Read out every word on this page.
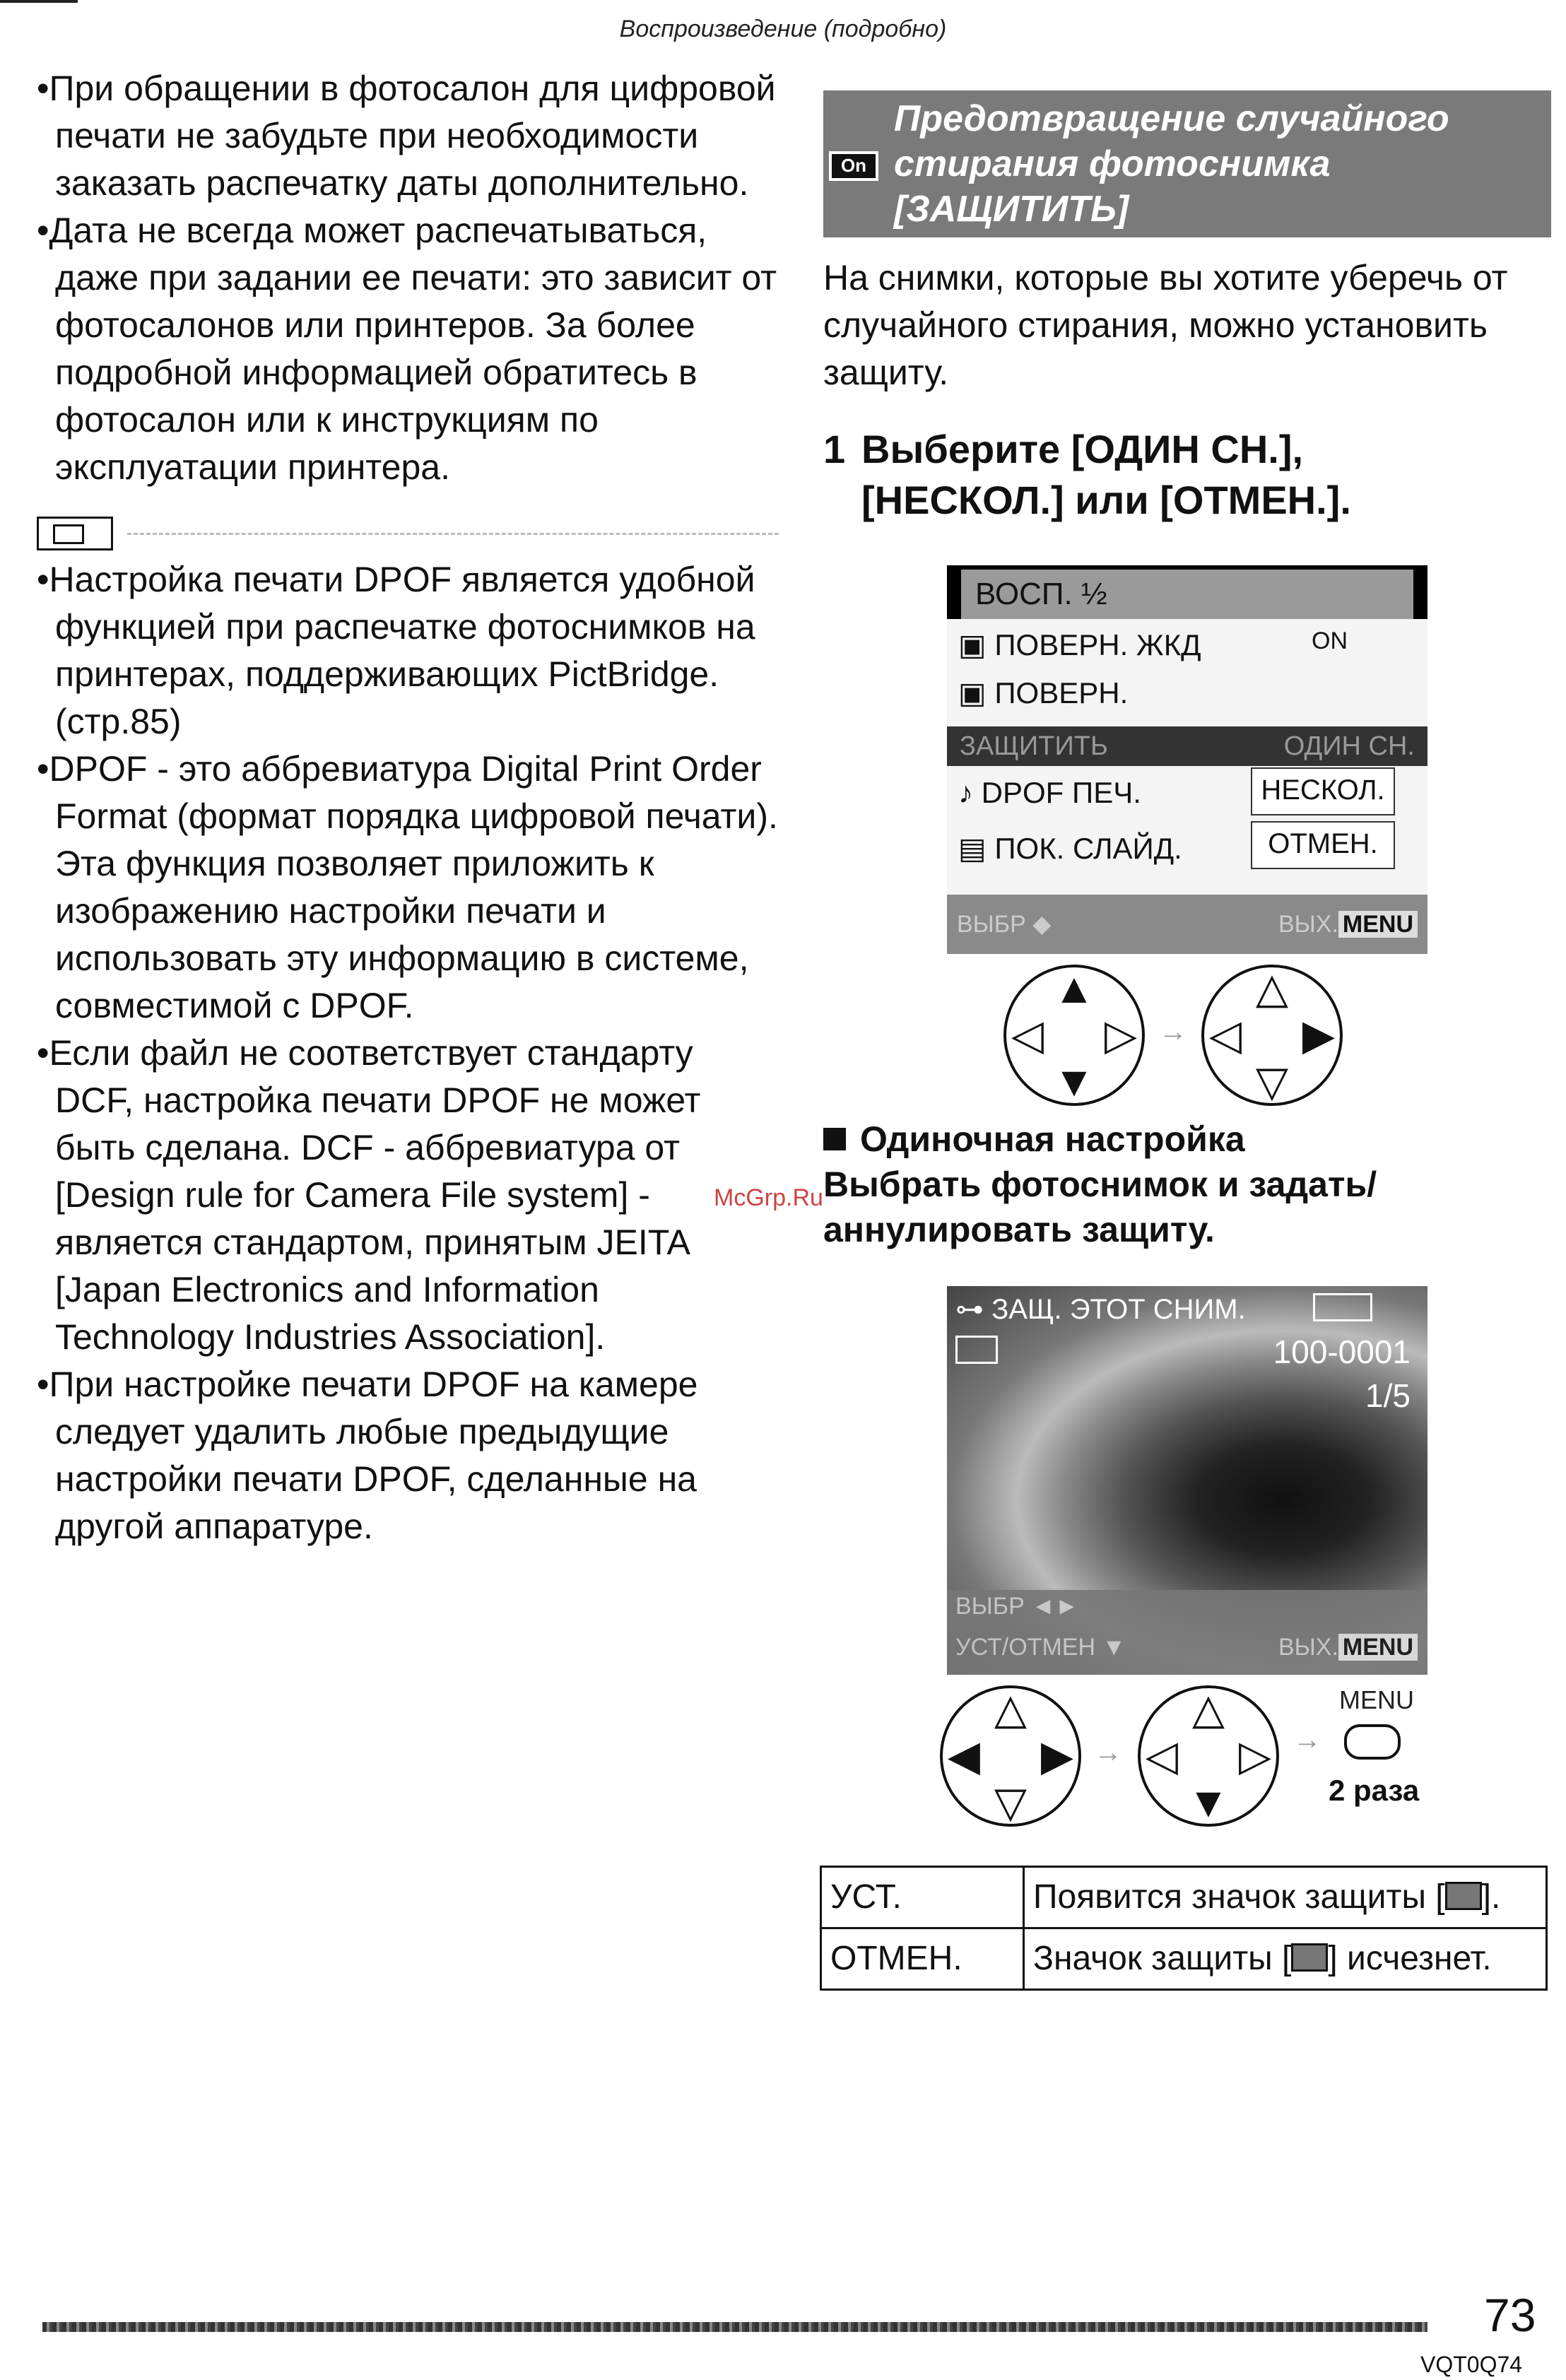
Воспроизведение (подробно)
•При обращении в фотосалон для цифровой печати не забудьте при необходимости заказать распечатку даты дополнительно.
•Дата не всегда может распечатываться, даже при задании ее печати: это зависит от фотосалонов или принтеров. За более подробной информацией обратитесь в фотосалон или к инструкциям по эксплуатации принтера.
•Настройка печати DPOF является удобной функцией при распечатке фотоснимков на принтерах, поддерживающих PictBridge. (стр.85)
•DPOF - это аббревиатура Digital Print Order Format (формат порядка цифровой печати). Эта функция позволяет приложить к изображению настройки печати и использовать эту информацию в системе, совместимой с DPOF.
•Если файл не соответствует стандарту DCF, настройка печати DPOF не может быть сделана. DCF - аббревиатура от [Design rule for Camera File system] - является стандартом, принятым JEITA [Japan Electronics and Information Technology Industries Association].
•При настройке печати DPOF на камере следует удалить любые предыдущие настройки печати DPOF, сделанные на другой аппаратуре.
McGrp.Ru
On
Предотвращение случайного
стирания фотоснимка
[ЗАЩИТИТЬ]
На снимки, которые вы хотите уберечь от случайного стирания, можно установить защиту.
1 Выберите [ОДИН СН.],
[НЕСКОЛ.] или [ОТМЕН.].
ВОСП. ½
▣ ПОВЕРН. ЖКД	ON
▣ ПОВЕРН.
ЗАЩИТИТЬ	ОДИН СН.
♪ DPOF ПЕЧ.
▤ ПОК. СЛАЙД.
НЕСКОЛ.
ОТМЕН.
ВЫБР ◆	ВЫХ. MENU
▲
▼
◁ ▷ →
△
▽
◁ ▶
Одиночная настройка
Выбрать фотоснимок и задать/
аннулировать защиту.
⊶ ЗАЩ. ЭТОТ СНИМ.
100-0001
1/5
ВЫБР ◄►
УСТ/ОТМЕН ▼	ВЫХ. MENU
△
▽
◀ ▶ →
△
▼
◁ ▷ →
MENU
2 раза
УСТ.	Появится значок защиты [ ].
ОТМЕН.	Значок защиты [ ] исчезнет.
73
VQT0Q74
